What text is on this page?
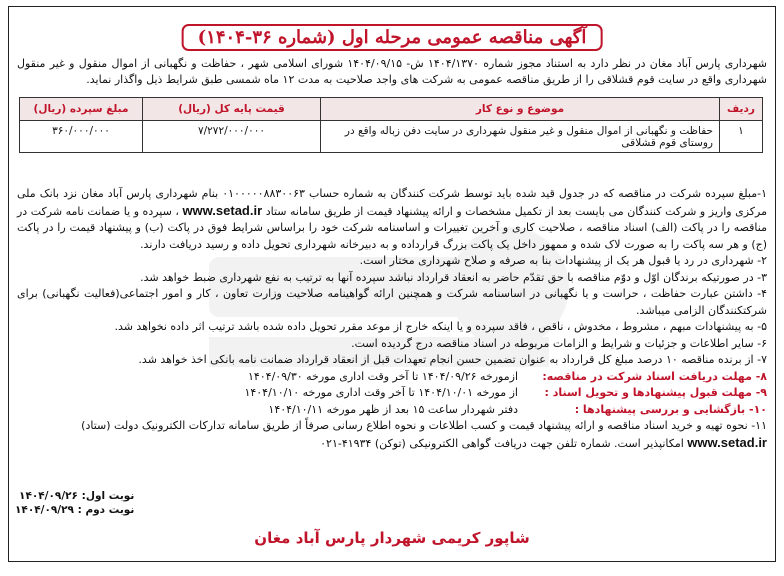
آگهی مناقصه عمومی مرحله اول (شماره ۳۶-۱۴۰۴)
شهرداری پارس آباد مغان در نظر دارد به استناد مجوز شماره ۱۴۰۴/۱۳۷۰ ش- ۱۴۰۴/۰۹/۱۵ شورای اسلامی شهر ، حفاظت و نگهبانی از اموال منقول و غیر منقول شهرداری واقع در سایت قوم قشلاقی را از طریق مناقصه عمومی به شرکت های واجد صلاحیت به مدت ۱۲ ماه شمسی طبق شرایط ذیل واگذار نماید.
ردیف	موضوع و نوع کار	قیمت پایه کل (ریال)	مبلغ سپرده (ریال)
۱	حفاظت و نگهبانی از اموال منقول و غیر منقول شهرداری در سایت دفن زباله واقع در روستای قوم قشلاقی	۷/۲۷۲/۰۰۰/۰۰۰	۳۶۰/۰۰۰/۰۰۰

۱-مبلغ سپرده شرکت در مناقصه که در جدول قید شده باید توسط شرکت کنندگان به شماره حساب ۰۱۰۰۰۰۰۸۸۳۰۰۶۳ بنام شهرداری پارس آباد مغان نزد بانک ملی مرکزی واریز و شرکت کنندگان می بایست بعد از تکمیل مشخصات و ارائه پیشنهاد قیمت از طریق سامانه ستاد www.setad.ir ، سپرده و یا ضمانت نامه شرکت در مناقصه را در پاکت (الف) اسناد مناقصه ، صلاحیت کاری و آخرین تغییرات و اساسنامه شرکت خود را براساس شرایط فوق در پاکت (ب) و پیشنهاد قیمت را در پاکت (ج) و هر سه پاکت را به صورت لاک شده و ممهور داخل یک پاکت بزرگ قرارداده و به دبیرخانه شهرداری تحویل داده و رسید دریافت دارند.

۲- شهرداری در رد یا قبول هر یک از پیشنهادات بنا به صرفه و صلاح شهرداری مختار است.

۳- در صورتیکه برندگان اوّل و دوّم مناقصه با حق تقدّم حاضر به انعقاد قرارداد نباشد سپرده آنها به ترتیب به نفع شهرداری ضبط خواهد شد.

۴- داشتن عبارت حفاظت ، حراست و یا نگهبانی در اساسنامه شرکت و همچنین ارائه گواهینامه صلاحیت وزارت تعاون ، کار و امور اجتماعی(فعالیت نگهبانی) برای شرکتکنندگان الزامی میباشد.

۵- به پیشنهادات مبهم ، مشروط ، مخدوش ، ناقص ، فاقد سپرده و یا اینکه خارج از موعد مقرر تحویل داده شده باشد ترتیب اثر داده نخواهد شد.

۶- سایر اطلاعات و جزئیات و شرایط و الزامات مربوطه در اسناد مناقصه درج گردیده است.

۷- از برنده مناقصه ۱۰ درصد مبلغ کل قرارداد به عنوان تضمین حسن انجام تعهدات قبل از انعقاد قرارداد ضمانت نامه بانکی اخذ خواهد شد.

۸- مهلت دریافت اسناد شرکت در مناقصه:
ازمورخه ۱۴۰۴/۰۹/۲۶ تا آخر وقت اداری مورخه ۱۴۰۴/۰۹/۳۰

۹- مهلت قبول پیشنهادها و تحویل اسناد :
از مورخه ۱۴۰۴/۱۰/۰۱ تا آخر وقت اداری مورخه ۱۴۰۴/۱۰/۱۰

۱۰- بازگشایی و بررسی پیشنهادها :
دفتر شهردار ساعت ۱۵ بعد از ظهر مورخه ۱۴۰۴/۱۰/۱۱

۱۱- نحوه تهیه و خرید اسناد مناقصه و ارائه پیشنهاد قیمت و کسب اطلاعات و نحوه اطلاع رسانی صرفاً از طریق سامانه تدارکات الکترونیک دولت (ستاد)
www.setad.ir امکانپذیر است. شماره تلفن جهت دریافت گواهی الکترونیکی (توکن) ۴۱۹۳۴-۰۲۱

نوبت اول: ۱۴۰۴/۰۹/۲۶
نوبت دوم : ۱۴۰۴/۰۹/۲۹
شاپور کریمی شهردار پارس آباد مغان
